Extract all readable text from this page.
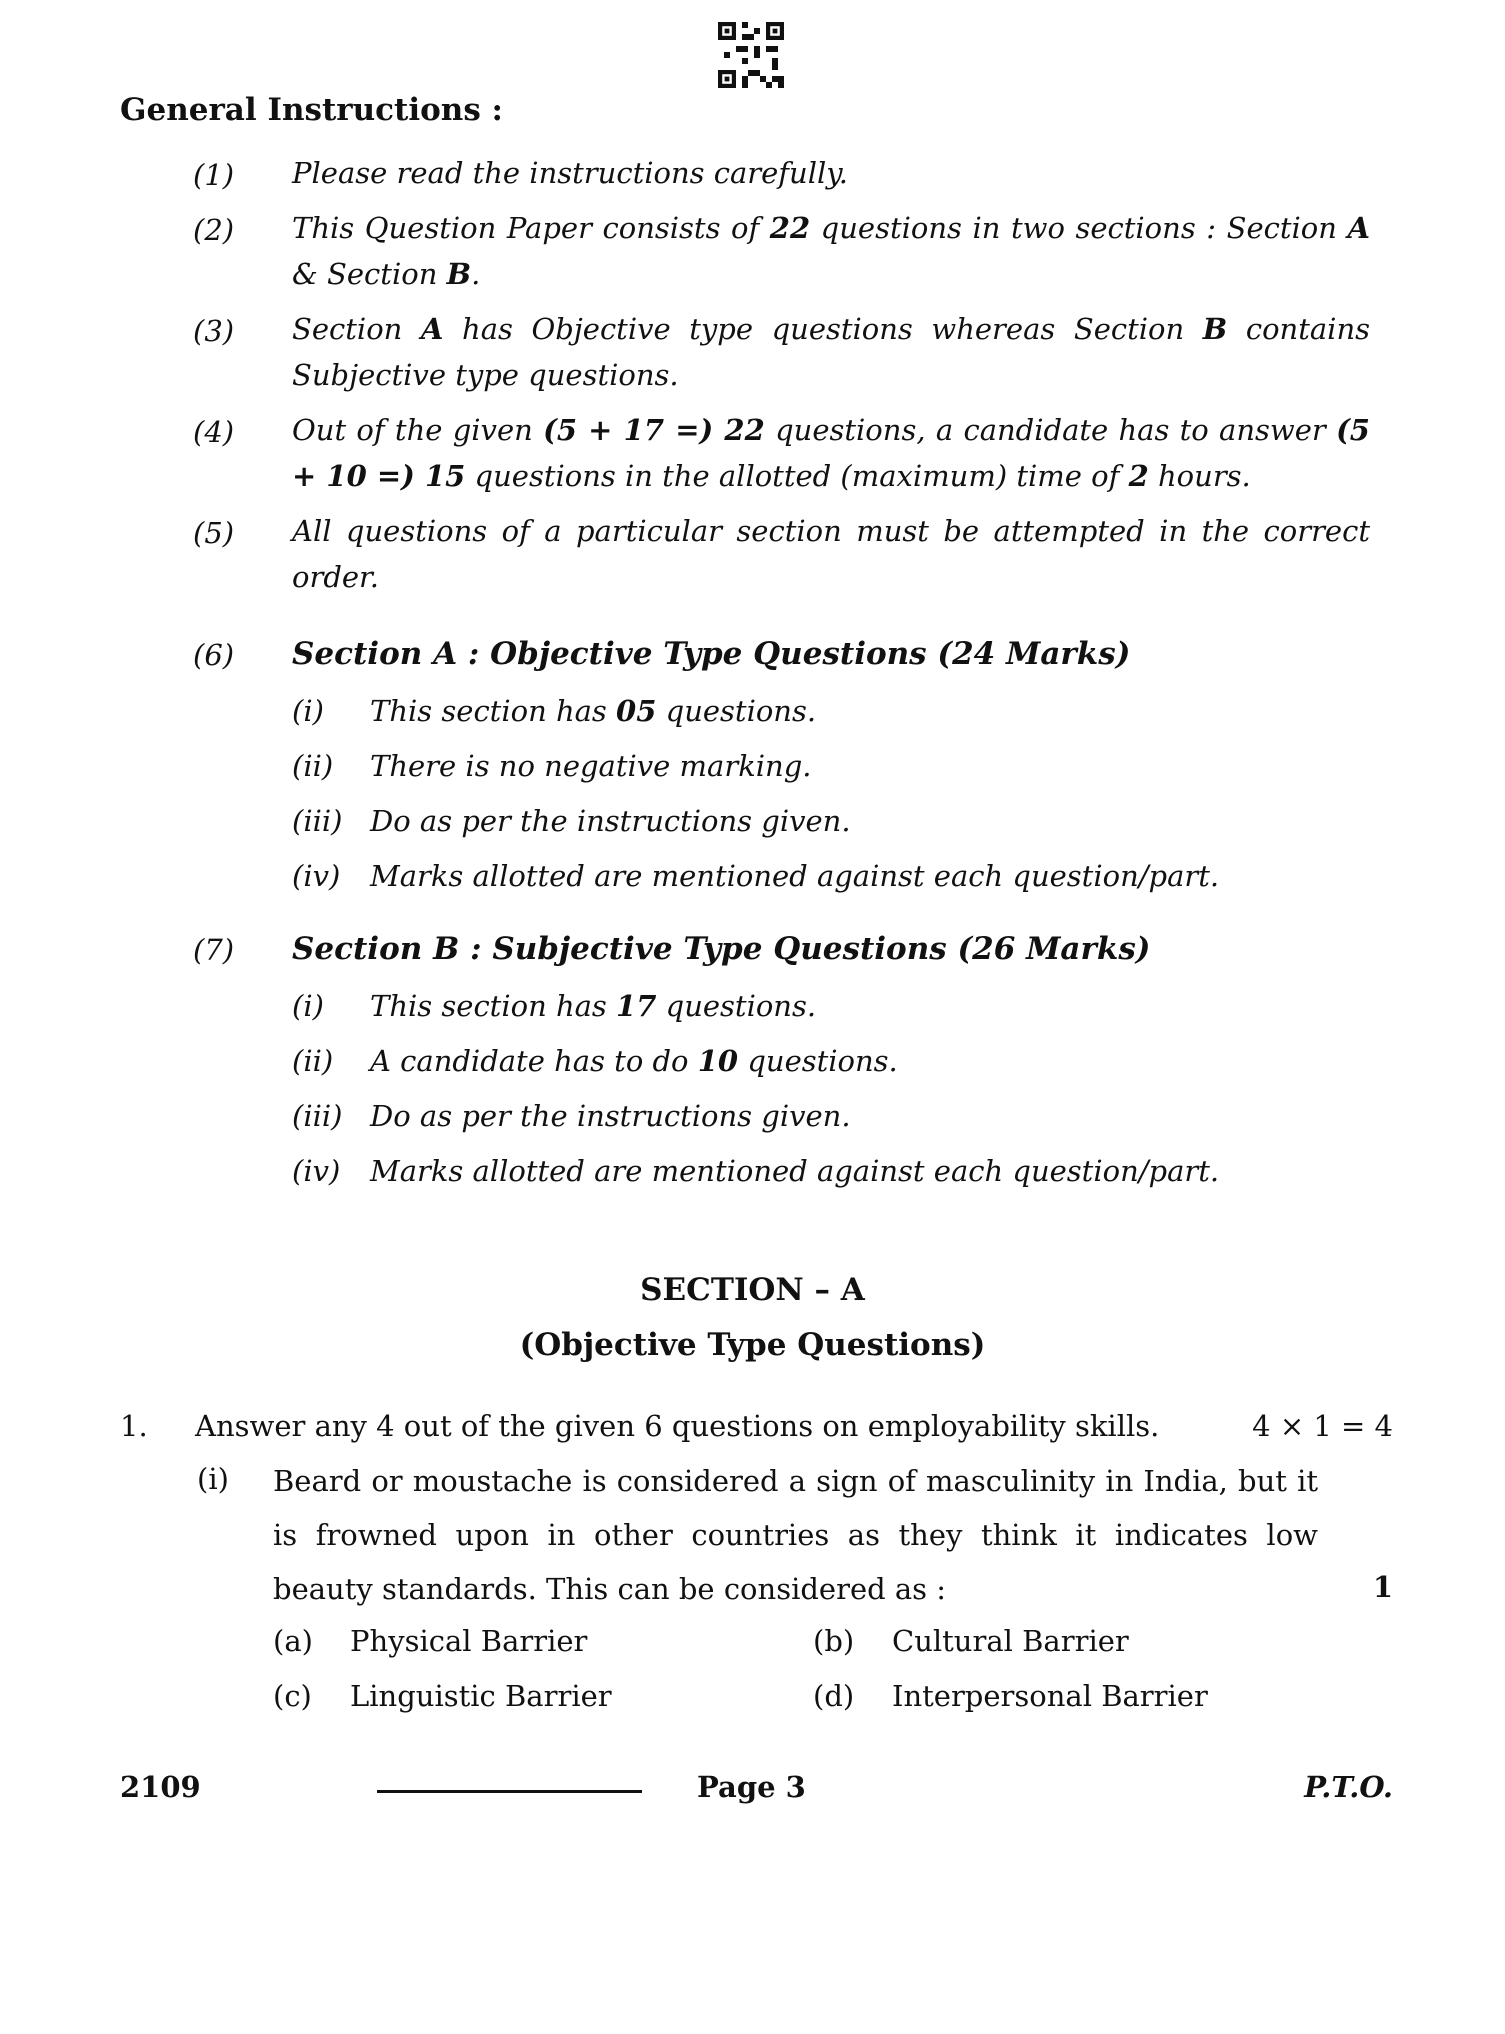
General Instructions :
(1) Please read the instructions carefully.
(2) This Question Paper consists of 22 questions in two sections : Section A & Section B.
(3) Section A has Objective type questions whereas Section B contains Subjective type questions.
(4) Out of the given (5 + 17 =) 22 questions, a candidate has to answer (5 + 10 =) 15 questions in the allotted (maximum) time of 2 hours.
(5) All questions of a particular section must be attempted in the correct order.
(6) Section A : Objective Type Questions (24 Marks)
(i) This section has 05 questions.
(ii) There is no negative marking.
(iii) Do as per the instructions given.
(iv) Marks allotted are mentioned against each question/part.
(7) Section B : Subjective Type Questions (26 Marks)
(i) This section has 17 questions.
(ii) A candidate has to do 10 questions.
(iii) Do as per the instructions given.
(iv) Marks allotted are mentioned against each question/part.
SECTION – A
(Objective Type Questions)
1. Answer any 4 out of the given 6 questions on employability skills.	4 × 1 = 4
(i) Beard or moustache is considered a sign of masculinity in India, but it is frowned upon in other countries as they think it indicates low beauty standards. This can be considered as :	1
(a) Physical Barrier	(b) Cultural Barrier
(c) Linguistic Barrier	(d) Interpersonal Barrier
2109	Page 3	P.T.O.
